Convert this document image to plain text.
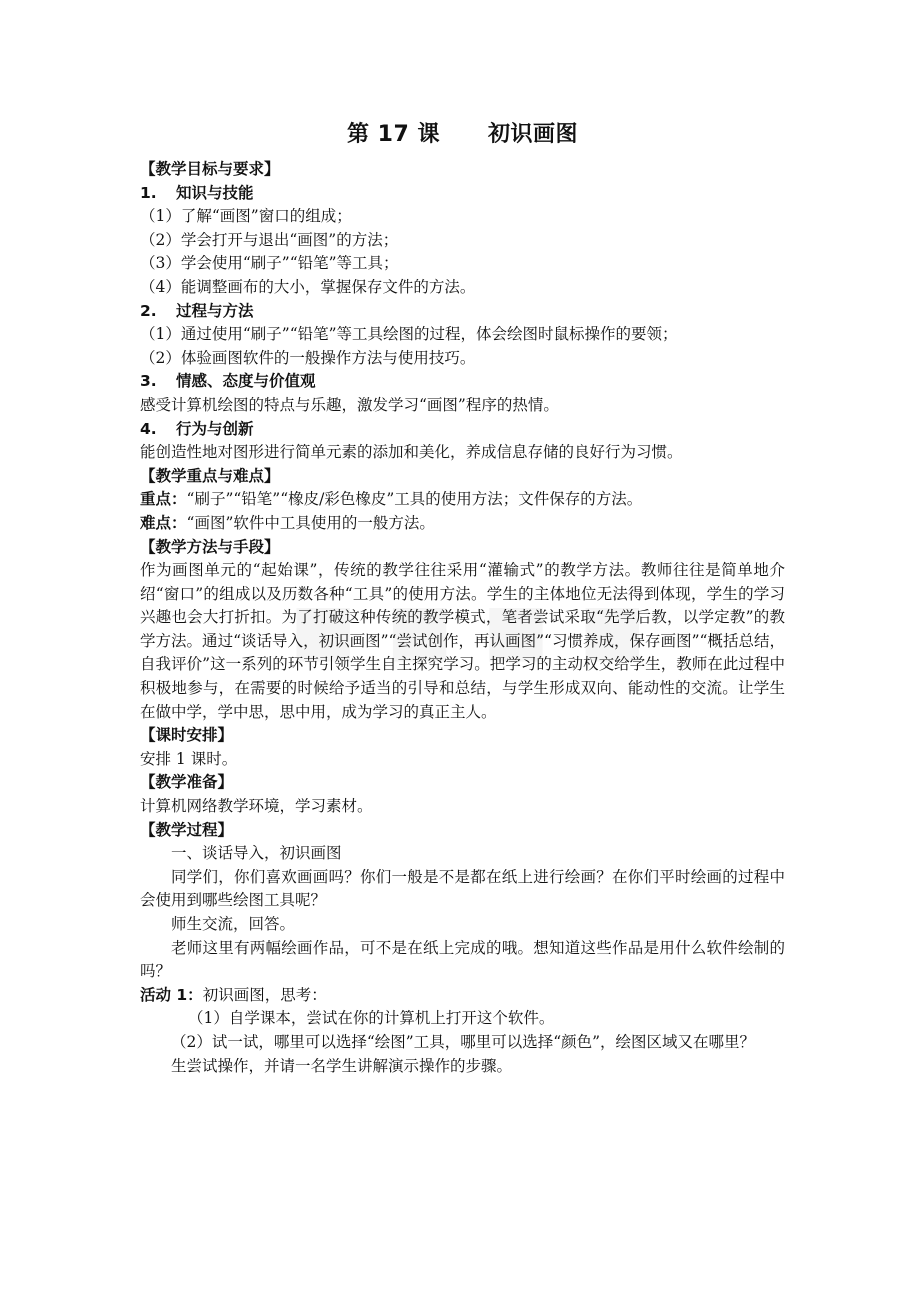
第 17 课 初识画图
【教学目标与要求】
1. 知识与技能

（1）了解“画图”窗口的组成；

（2）学会打开与退出“画图”的方法；

（3）学会使用“刷子”“铅笔”等工具；

（4）能调整画布的大小，掌握保存文件的方法。

2. 过程与方法

（1）通过使用“刷子”“铅笔”等工具绘图的过程，体会绘图时鼠标操作的要领；

（2）体验画图软件的一般操作方法与使用技巧。

3. 情感、态度与价值观

感受计算机绘图的特点与乐趣，激发学习“画图”程序的热情。

4. 行为与创新

能创造性地对图形进行简单元素的添加和美化，养成信息存储的良好行为习惯。

【教学重点与难点】

重点：“刷子”“铅笔”“橡皮/彩色橡皮”工具的使用方法；文件保存的方法。

难点：“画图”软件中工具使用的一般方法。

【教学方法与手段】

作为画图单元的“起始课”，传统的教学往往采用“灌输式”的教学方法。教师往往是简单地介绍“窗口”的组成以及历数各种“工具”的使用方法。学生的主体地位无法得到体现，学生的学习兴趣也会大打折扣。为了打破这种传统的教学模式，笔者尝试采取“先学后教，以学定教”的教学方法。通过“谈话导入，初识画图”“尝试创作，再认画图”“习惯养成，保存画图”“概括总结，自我评价”这一系列的环节引领学生自主探究学习。把学习的主动权交给学生，教师在此过程中积极地参与，在需要的时候给予适当的引导和总结，与学生形成双向、能动性的交流。让学生在做中学，学中思，思中用，成为学习的真正主人。

【课时安排】

安排 1 课时。

【教学准备】

计算机网络教学环境，学习素材。

【教学过程】

一、谈话导入，初识画图

同学们，你们喜欢画画吗？你们一般是不是都在纸上进行绘画？在你们平时绘画的过程中会使用到哪些绘图工具呢？

师生交流，回答。

老师这里有两幅绘画作品，可不是在纸上完成的哦。想知道这些作品是用什么软件绘制的吗？

活动 1：初识画图，思考：

（1）自学课本，尝试在你的计算机上打开这个软件。

（2）试一试，哪里可以选择“绘图”工具，哪里可以选择“颜色”，绘图区域又在哪里？

生尝试操作，并请一名学生讲解演示操作的步骤。
